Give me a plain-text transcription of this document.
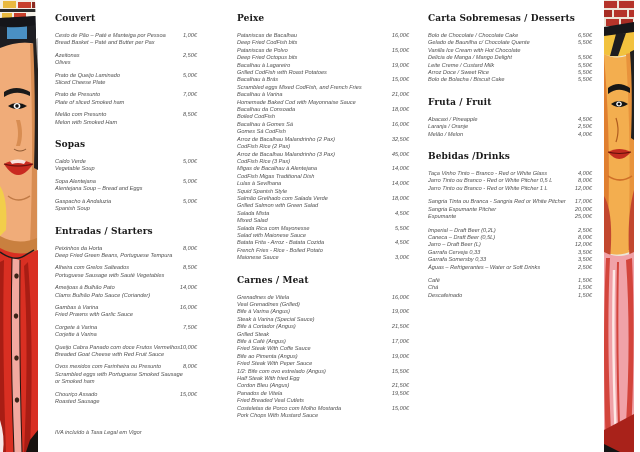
Couvert
Cesto de Pão – Paté e Manteiga por Pessoa
Bread Basket – Paté and Butter per Pax
1,00€
Azeitonas
Olives
2,50€
Prato de Queijo Laminado
Sliced Cheese Plate
5,00€
Prato de Presunto
Plate of sliced Smoked ham
7,00€
Melão com Presunto
Melon with Smoked Ham
8,50€
Sopas
Caldo Verde
Vegetable Soup
5,00€
Sopa Alentejana
Alentejana Soup – Bread and Eggs
5,00€
Gaspacho à Andaluzia
Spanish Soup
5,00€
Entradas / Starters
Peixinhos da Horta
Deep Fried Green Beans, Portuguese Tempura
8,00€
Alheira com Grelos Salteados
Portuguese Sausage with Sauté Vegetables
8,50€
Ameijoas à Bulhão Pato
Clams Bulhão Pato Sauce (Coriander)
14,00€
Gambas à Varina
Fried Prawns with Garlic Sauce
16,00€
Corgete à Varina
Corjette à Varina
7,50€
Queijo Cabra Panado com doce Frutos Vermelhos
Breaded Goat Cheese with Red Fruit Sauce
10,00€
Ovos mexidos com Farinheira ou Presunto
Scrambled eggs with Portuguese Smoked Sausage
or Smoked ham
8,00€
Chouriço Assado
Roasted Sausage
15,00€
Peixe
Pataniscas de Bacalhau
Deep Fried CodFish bits
16,00€
Pataniscas de Polvo
Deep Fried Octopus bits
15,00€
Bacalhau à Lagareiro
Grilled CodFish with Roast Potatoes
19,00€
Bacalhau à Brás
Scrambled eggs Mixed CodFish, and French Fries
15,00€
Bacalhau à Varina
Homemade Baked Cod with Mayonnaise Sauce
21,00€
Bacalhau da Consoada
Boiled CodFish
18,00€
Bacalhau à Gomes Sá
Gomes Sá CodFish
16,00€
Arroz de Bacalhau Malandrinho (2 Pax)
CodFish Rice (2 Pax)
32,50€
Arroz de Bacalhau Malandrinho (3 Pax)
CodFish Rice (3 Pax)
45,00€
Migas de Bacalhau à Alentejana
CodFish Migas Traditional Dish
14,00€
Lulas à Sevilhana
Squid Spanish Style
14,00€
Salmão Grelhado com Salada Verde
Grilled Salmon with Green Salad
18,00€
Salada Mista
Mixed Salad
4,50€
Salada Rica com Mayonesse
Salad with Maionese Sauce
5,50€
Batata Frita - Arroz - Batata Cozida
French Fries - Rice - Boiled Potato
4,50€
Maionese Sauce	3,00€
Carnes / Meat
Grenadines de Vitela
Veal Grenadines (Grilled)
16,00€
Bife à Varina (Angus)
Steak à Varina (Special Sauce)
19,00€
Bife à Cortador (Angus)
Grilled Steak
21,50€
Bife à Café (Angus)
Fried Steak With Coffe Sauce
17,00€
Bife ao Pimenta (Angus)
Fried Steak With Peper Sauce
19,00€
1/2: Bife com ovo estrelado (Angus)
Half Steak With fried Egg
15,50€
Cordon Bleu (Angus)	21,50€
Panados de Vitela
Fried Breaded Veal Cutlets
19,50€
Costeletas de Porco com Molho Mostarda
Pork Chops With Mustard Sauce
15,00€
Carta Sobremesas / Desserts
Bolo de Chocolate / Chocolate Cake	6,50€
Gelado de Baunilha c/ Chocolate Quente
Vanilla Ice Cream with Hot Chocolate
5,50€
Delicia de Manga / Mango Delight	5,50€
Leite Creme / Custard Milk	5,50€
Arroz Doce / Sweet Rice	5,50€
Bolo de Bolacha / Biscuit Cake	5,50€
Fruta / Fruit
Abacaxi / Pineapple	4,50€
Laranja / Oranje	2,50€
Melão / Melon	4,00€
Bebidas /Drinks
Taça Vinho Tinto – Branco - Red or White Glass	4,00€
Jarro Tinto ou Branco - Red or White Pitcher 0,5 L	8,00€
Jarro Tinto ou Branco - Red or White Pitcher 1 L	12,00€
Sangria Tinta ou Branca - Sangria Red or White Pitcher	17,00€
Sangria Espumante Pitcher	20,00€
Espumante	25,00€
Imperial – Draft Beer (0,2L)	2,50€
Caneca – Draft Beer (0,5L)	8,00€
Jarro – Draft Beer (L)	12,00€
Garrafa Cerveja 0,33	3,50€
Garrafa Somersby 0,33	3,50€
Águas – Refrigerantes – Water or Soft Drinks	2,50€
Café	1,50€
Chá	1,50€
Descafeinado	1,50€
IVA incluído à Taxa Legal em Vigor
